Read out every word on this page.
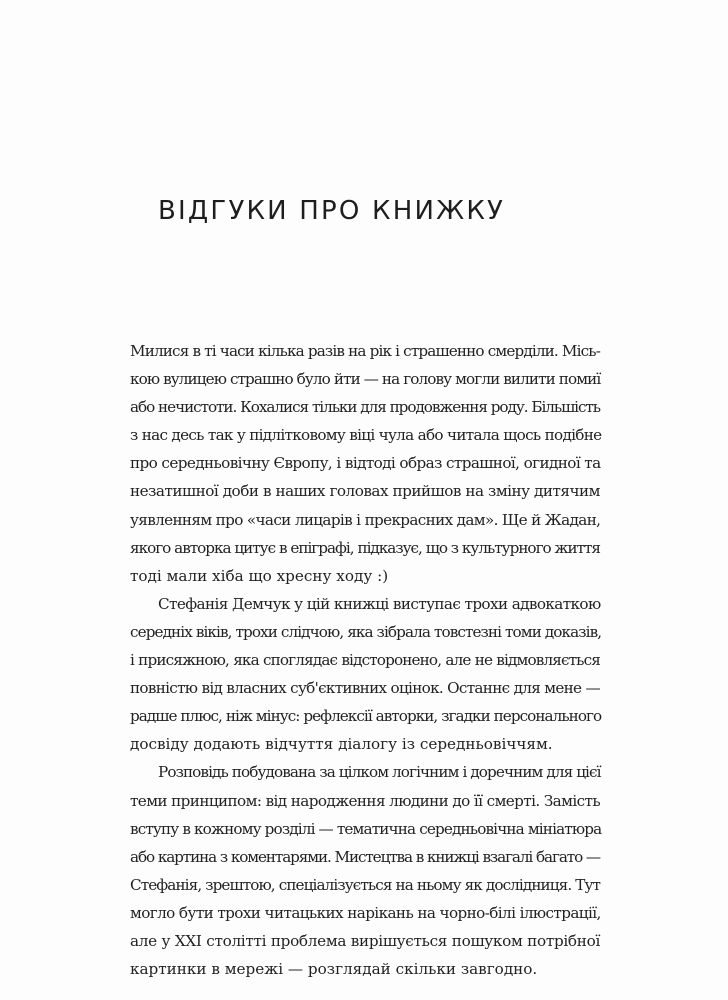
ВІДГУКИ ПРО КНИЖКУ

Милися в ті часи кілька разів на рік і страшенно смерділи. Місь-
кою вулицею страшно було йти — на голову могли вилити помиї
або нечистоти. Кохалися тільки для продовження роду. Більшість
з нас десь так у підлітковому віці чула або читала щось подібне
про середньовічну Європу, і відтоді образ страшної, огидної та
незатишної доби в наших головах прийшов на зміну дитячим
уявленням про «часи лицарів і прекрасних дам». Ще й Жадан,
якого авторка цитує в епіграфі, підказує, що з культурного життя
тоді мали хіба що хресну ходу :)

Стефанія Демчук у цій книжці виступає трохи адвокаткою
середніх віків, трохи слідчою, яка зібрала товстезні томи доказів,
і присяжною, яка споглядає відсторонено, але не відмовляється
повністю від власних суб'єктивних оцінок. Останнє для мене —
радше плюс, ніж мінус: рефлексії авторки, згадки персонального
досвіду додають відчуття діалогу із середньовіччям.

Розповідь побудована за цілком логічним і доречним для цієї
теми принципом: від народження людини до її смерті. Замість
вступу в кожному розділі — тематична середньовічна мініатюра
або картина з коментарями. Мистецтва в книжці взагалі багато —
Стефанія, зрештою, спеціалізується на ньому як дослідниця. Тут
могло бути трохи читацьких нарікань на чорно-білі ілюстрації,
але у XXI столітті проблема вирішується пошуком потрібної
картинки в мережі — розглядай скільки завгодно.
